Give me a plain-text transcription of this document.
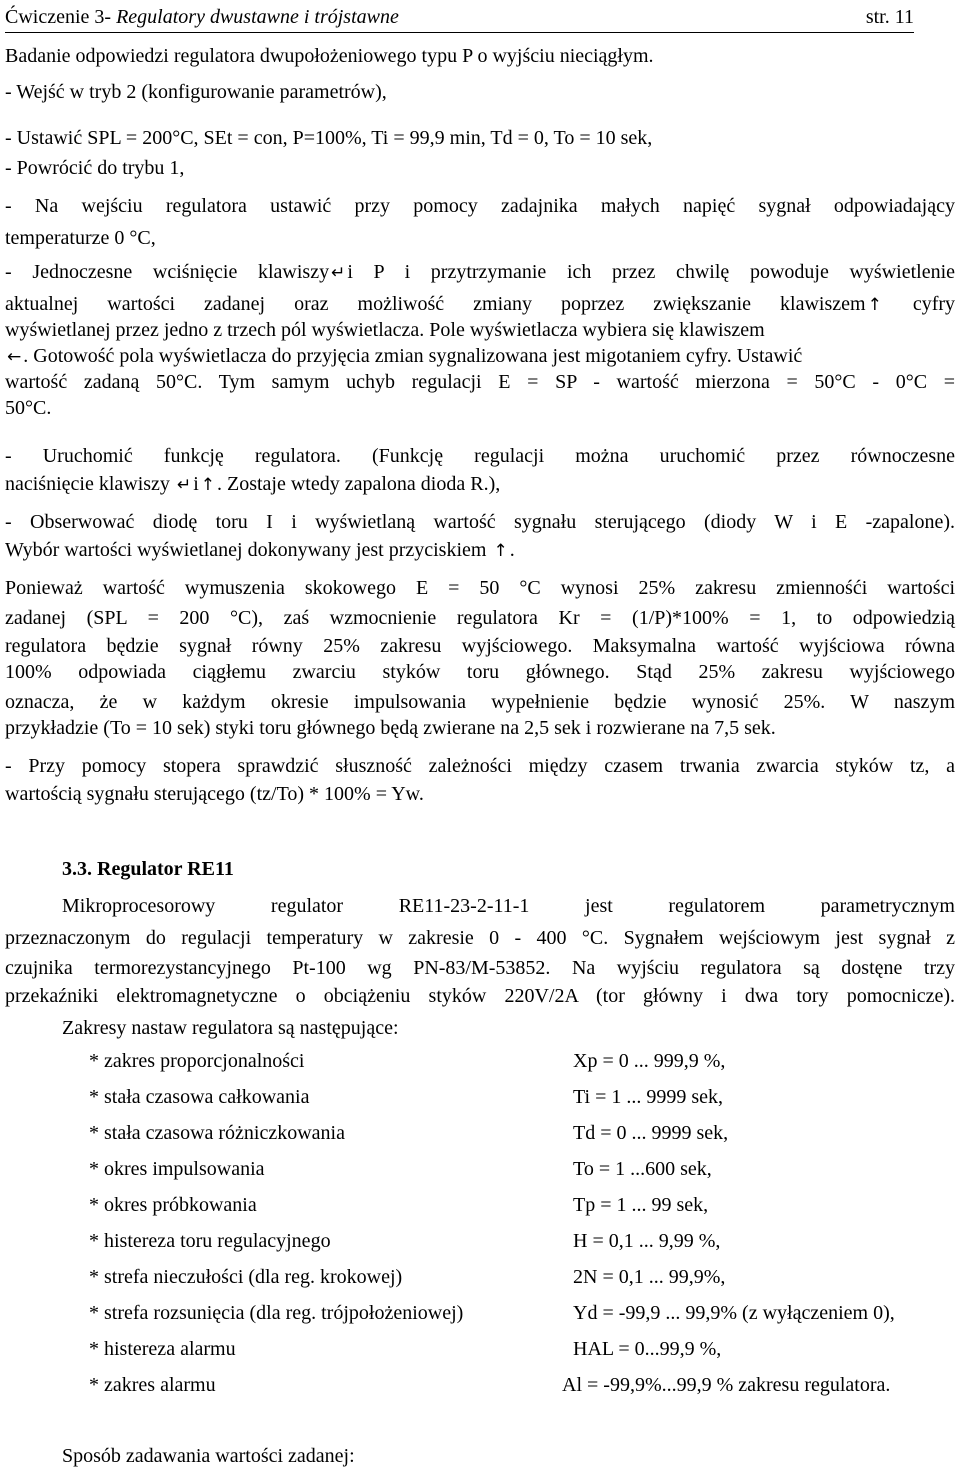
Ćwiczenie 3- Regulatory dwustawne i trójstawne	str. 11
Badanie odpowiedzi regulatora dwupołożeniowego typu P o wyjściu nieciągłym.
- Wejść w tryb 2 (konfigurowanie parametrów),
- Ustawić SPL = 200°C, SEt = con, P=100%, Ti = 99,9 min, Td = 0, To = 10 sek,
- Powrócić do trybu 1,
- Na wejściu regulatora ustawić przy pomocy zadajnika małych napięć sygnał odpowiadający
temperaturze 0 °C,
- Jednoczesne wciśnięcie klawiszy ↵ i P i przytrzymanie ich przez chwilę powoduje wyświetlenie
aktualnej wartości zadanej oraz możliwość zmiany poprzez zwiększanie klawiszem ↑ cyfry
wyświetlanej przez jedno z trzech pól wyświetlacza. Pole wyświetlacza wybiera się klawiszem
← . Gotowość pola wyświetlacza do przyjęcia zmian sygnalizowana jest migotaniem cyfry. Ustawić
wartość zadaną 50°C. Tym samym uchyb regulacji E = SP - wartość mierzona = 50°C - 0°C =
50°C.
- Uruchomić funkcję regulatora. (Funkcję regulacji można uruchomić przez równoczesne
naciśnięcie klawiszy ↵ i ↑ . Zostaje wtedy zapalona dioda R.),
- Obserwować diodę toru I i wyświetlaną wartość sygnału sterującego (diody W i E -zapalone).
Wybór wartości wyświetlanej dokonywany jest przyciskiem ↑ .
Ponieważ wartość wymuszenia skokowego E = 50 °C wynosi 25% zakresu zmiennośći wartości
zadanej (SPL = 200 °C), zaś wzmocnienie regulatora Kr = (1/P)*100% = 1, to odpowiedzią
regulatora będzie sygnał równy 25% zakresu wyjściowego. Maksymalna wartość wyjściowa równa
100% odpowiada ciągłemu zwarciu styków toru głównego. Stąd 25% zakresu wyjściowego
oznacza, że w każdym okresie impulsowania wypełnienie będzie wynosić 25%. W naszym
przykładzie (To = 10 sek) styki toru głównego będą zwierane na 2,5 sek i rozwierane na 7,5 sek.
- Przy pomocy stopera sprawdzić słuszność zależności między czasem trwania zwarcia styków tz, a
wartością sygnału sterującego (tz/To) * 100% = Yw.
3.3. Regulator RE11
Mikroprocesorowy regulator RE11-23-2-11-1 jest regulatorem parametrycznym
przeznaczonym do regulacji temperatury w zakresie 0 - 400 °C. Sygnałem wejściowym jest sygnał z
czujnika termorezystancyjnego Pt-100 wg PN-83/M-53852. Na wyjściu regulatora są dostęne trzy
przekaźniki elektromagnetyczne o obciążeniu styków 220V/2A (tor główny i dwa tory pomocnicze).
Zakresy nastaw regulatora są następujące:
* zakres proporcjonalności	Xp = 0 ... 999,9 %,
* stała czasowa całkowania	Ti = 1 ... 9999 sek,
* stała czasowa różniczkowania	Td = 0 ... 9999 sek,
* okres impulsowania	To = 1 ...600 sek,
* okres próbkowania	Tp = 1 ... 99 sek,
* histereza toru regulacyjnego	H = 0,1 ... 9,99 %,
* strefa nieczułości (dla reg. krokowej)	2N = 0,1 ... 99,9%,
* strefa rozsunięcia (dla reg. trójpołożeniowej)	Yd = -99,9 ... 99,9% (z wyłączeniem 0),
* histereza alarmu	HAL = 0...99,9 %,
* zakres alarmu	Al = -99,9%...99,9 % zakresu regulatora.
Sposób zadawania wartości zadanej:
